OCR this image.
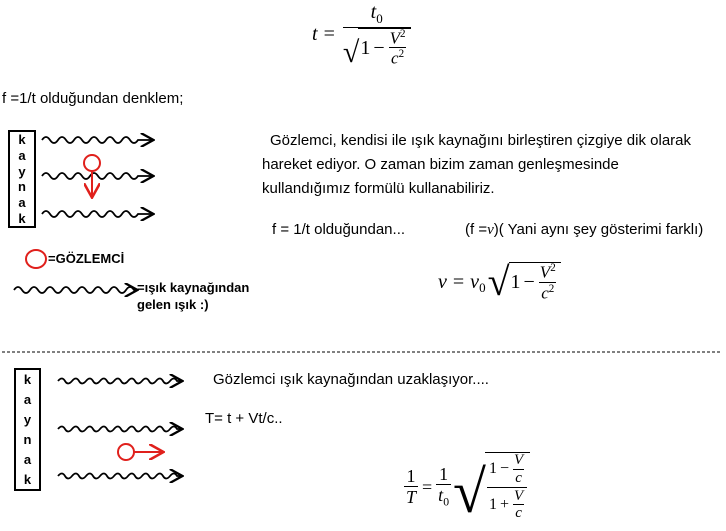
t =
$t_0$
√ $1 - \frac{V^2}{c^2}$
f =1/t olduğundan denklem;
k
a
y
n
a
k
=GÖZLEMCİ
=ışık kaynağından
gelen ışık :)
Gözlemci, kendisi ile ışık kaynağını birleştiren çizgiye dik olarak
hareket ediyor. O zaman bizim zaman genleşmesinde
kullandığımız formülü kullanabiliriz.
f = 1/t olduğundan...	(f =ν)( Yani aynı şey gösterimi farklı)
$\nu = \nu_0$ √ $1 - \frac{V^2}{c^2}$
k
a
y
n
a
k
Gözlemci ışık kaynağından uzaklaşıyor....
T= t + Vt/c..
$\frac{1}{T} = \frac{1}{t_0}$ √ $\frac{1 - \frac{V}{c}}{1 + \frac{V}{c}}$
